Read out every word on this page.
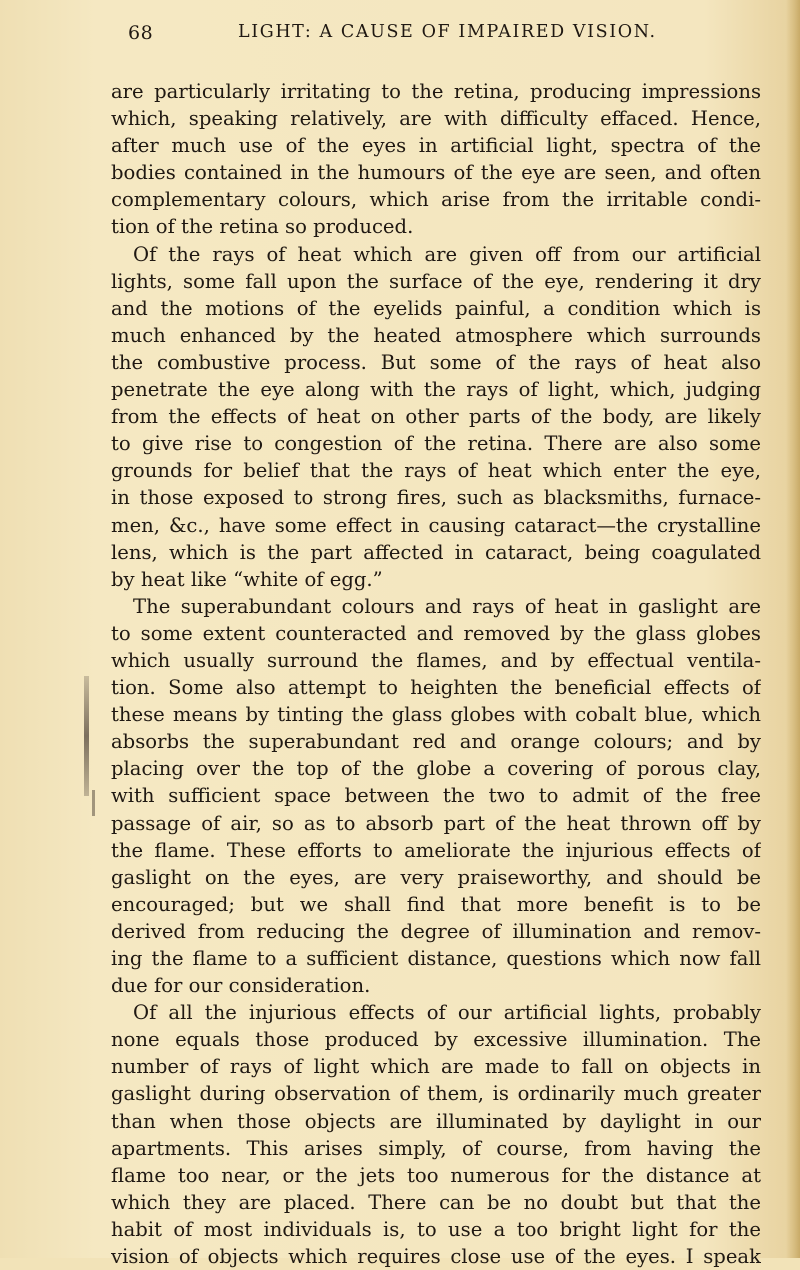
68	LIGHT: A CAUSE OF IMPAIRED VISION.
are particularly irritating to the retina, producing impressions
which, speaking relatively, are with difficulty effaced. Hence,
after much use of the eyes in artificial light, spectra of the
bodies contained in the humours of the eye are seen, and often
complementary colours, which arise from the irritable condi-
tion of the retina so produced.
Of the rays of heat which are given off from our artificial
lights, some fall upon the surface of the eye, rendering it dry
and the motions of the eyelids painful, a condition which is
much enhanced by the heated atmosphere which surrounds
the combustive process. But some of the rays of heat also
penetrate the eye along with the rays of light, which, judging
from the effects of heat on other parts of the body, are likely
to give rise to congestion of the retina. There are also some
grounds for belief that the rays of heat which enter the eye,
in those exposed to strong fires, such as blacksmiths, furnace-
men, &c., have some effect in causing cataract—the crystalline
lens, which is the part affected in cataract, being coagulated
by heat like “white of egg.”
The superabundant colours and rays of heat in gaslight are
to some extent counteracted and removed by the glass globes
which usually surround the flames, and by effectual ventila-
tion. Some also attempt to heighten the beneficial effects of
these means by tinting the glass globes with cobalt blue, which
absorbs the superabundant red and orange colours; and by
placing over the top of the globe a covering of porous clay,
with sufficient space between the two to admit of the free
passage of air, so as to absorb part of the heat thrown off by
the flame. These efforts to ameliorate the injurious effects of
gaslight on the eyes, are very praiseworthy, and should be
encouraged; but we shall find that more benefit is to be
derived from reducing the degree of illumination and remov-
ing the flame to a sufficient distance, questions which now fall
due for our consideration.
Of all the injurious effects of our artificial lights, probably
none equals those produced by excessive illumination. The
number of rays of light which are made to fall on objects in
gaslight during observation of them, is ordinarily much greater
than when those objects are illuminated by daylight in our
apartments. This arises simply, of course, from having the
flame too near, or the jets too numerous for the distance at
which they are placed. There can be no doubt but that the
habit of most individuals is, to use a too bright light for the
vision of objects which requires close use of the eyes. I speak
